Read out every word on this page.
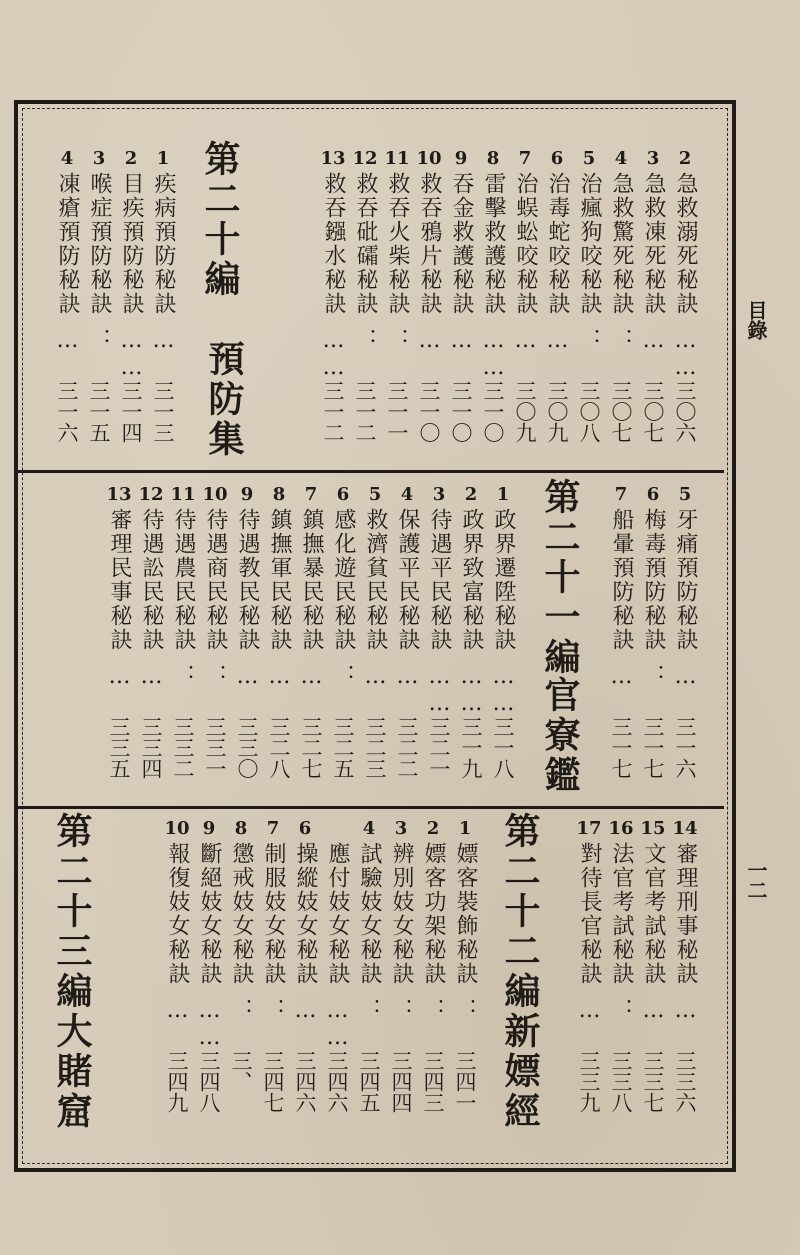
目錄
一二
2
急救溺死秘訣
……
三〇六
3
急救凍死秘訣
…
三〇七
4
急救驚死秘訣
：
三〇七
5
治瘋狗咬秘訣
：
三〇八
6
治毒蛇咬秘訣
…
三〇九
7
治蜈蚣咬秘訣
…
三〇九
8
雷擊救護秘訣
……
三一〇
9
吞金救護秘訣
…
三一〇
10
救吞鴉片秘訣
…
三一〇
11
救吞火柴秘訣
：
三一一
12
救吞砒礵秘訣
：
三一二
13
救吞鏹水秘訣
……
三一二
第二十編
預防集
1
疾病預防秘訣
…
三一三
2
目疾預防秘訣
……
三一四
3
喉症預防秘訣
：
三一五
4
凍瘡預防秘訣
…
三一六
5
牙痛預防秘訣
…
三一六
6
梅毒預防秘訣
：
三一七
7
船暈預防秘訣
…
三一七
第二十一編
官寮鑑
1
政界遷陞秘訣
……
三一八
2
政界致富秘訣
……
三一九
3
待遇平民秘訣
……
三二一
4
保護平民秘訣
…
三二二
5
救濟貧民秘訣
…
三二三
6
感化遊民秘訣
：
三二五
7
鎮撫暴民秘訣
…
三二七
8
鎮撫軍民秘訣
…
三二八
9
待遇教民秘訣
…
三三〇
10
待遇商民秘訣
：
三三一
11
待遇農民秘訣
：
三三二
12
待遇訟民秘訣
…
三三四
13
審理民事秘訣
…
三三五
14
審理刑事秘訣
…
三三六
15
文官考試秘訣
…
三三七
16
法官考試秘訣
：
三三八
17
對待長官秘訣
…
三三九
第二十二編
新嫖經
1
嫖客裝飾秘訣
：
三四一
2
嫖客功架秘訣
：
三四三
3
辨別妓女秘訣
：
三四四
4
試驗妓女秘訣
：
三四五
應付妓女秘訣
……
三四六
6
操縱妓女秘訣
…
三四六
7
制服妓女秘訣
：
三四七
8
懲戒妓女秘訣
：
三、
9
斷絕妓女秘訣
……
三四八
10
報復妓女秘訣
…
三四九
第二十三編
大賭窟
